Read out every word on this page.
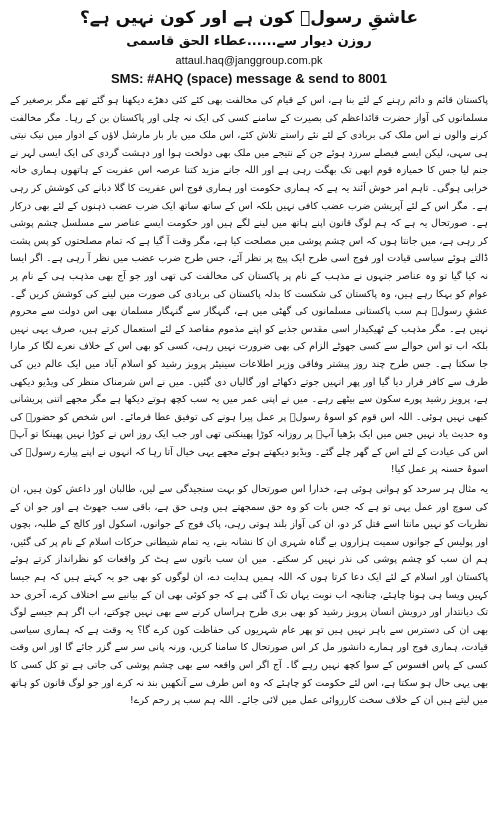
عاشقِ رسولؐ کون ہے اور کون نہیں ہے؟
روزن دیوار سے......عطاء الحق قاسمی
attaul.haq@janggroup.com.pk
SMS: #AHQ (space) message & send to 8001

پاکستان قائم و دائم رہنے کے لئے بنا ہے، اس کے قیام کی مخالفت بھی کئے کئی دھڑے دیکھنا ہو گئے تھے مگر برصغیر کے مسلمانوں کی آواز حضرت قائداعظم کی بصیرت کے سامنے کسی کی ایک نہ چلی اور پاکستان بن کے رہا۔ مگر مخالفت کرنے والوں نے اس ملک کی بربادی کے لئے نئے راستے تلاش کئے، اس ملک میں بار بار مارشل لاؤں کے ادوار میں نیک نیتی ہی سہی، لیکن ایسے فیصلے سرزد ہوئے جن کے نتیجے میں ملک بھی دولخت ہوا اور دہشت گردی کی ایک ایسی لہر نے جنم لیا جس کا خمیازہ قوم ابھی تک بھگت رہی ہے اور اللہ جانے مزید کتنا عرصہ اس عفریت کے ہاتھوں ہماری خانہ خرابی ہوگی۔ تاہم امر خوش آئند یہ ہے کہ ہماری حکومت اور ہماری فوج اس عفریت کا گلا دبانے کی کوشش کر رہی ہے۔ مگر اس کے لئے آپریشن ضرب عضب کافی نہیں بلکہ اس کے ساتھ ساتھ ایک ضرب عضب ذہنوں کے لئے بھی درکار ہے۔ صورتحال یہ ہے کہ ہم لوگ قانون اپنے ہاتھ میں لینے لگے ہیں اور حکومت ایسے عناصر سے مسلسل چشم پوشی کر رہی ہے، میں جانتا ہوں کہ اس چشم پوشی میں مصلحت کیا ہے، مگر وقت آ گیا ہے کہ تمام مصلحتوں کو پس پشت ڈالتے ہوئے سیاسی قیادت اور فوج اسی طرح ایک پیج پر نظر آئے، جس طرح ضرب عضب میں نظر آ رہی ہے۔ اگر ایسا نہ کیا گیا تو وہ عناصر جنہوں نے مذہب کے نام پر پاکستان کی مخالفت کی تھی اور جو آج بھی مذہب ہی کے نام پر عوام کو بہکا رہے ہیں، وہ پاکستان کی شکست کا بدلہ پاکستان کی بربادی کی صورت میں لینے کی کوشش کریں گے۔ عشقِ رسولؐ ہم سب پاکستانی مسلمانوں کی گھٹی میں ہے، گنہگار سے گنہگار مسلمان بھی اس دولت سے محروم نہیں ہے۔ مگر مذہب کے ٹھیکیدار اسی مقدس جذبے کو اپنے مذموم مقاصد کے لئے استعمال کرتے ہیں، صرف یہی نہیں بلکہ اب تو اس حوالے سے کسی جھوٹے الزام کی بھی ضرورت نہیں رہی، کسی کو بھی اس کے خلاف نعرے لگا کر مارا جا سکتا ہے۔ جس طرح چند روز پیشتر وفاقی وزیر اطلاعات سینیٹر پرویز رشید کو اسلام آباد میں ایک عالم دین کی طرف سے کافر قرار دیا گیا اور پھر انہیں جوتے دکھائے اور گالیاں دی گئیں۔ میں نے اس شرمناک منظر کی ویڈیو دیکھی ہے، پرویز رشید پورے سکون سے بیٹھے رہے۔ میں نے اپنی عمر میں یہ سب کچھ ہوتے دیکھا ہے مگر مجھے اتنی پریشانی کبھی نہیں ہوئی۔ اللہ اس قوم کو اسوۂ رسولؐ پر عمل پیرا ہونے کی توفیق عطا فرمائے۔ اس شخص کو حضورؐ کی وہ حدیث یاد نہیں جس میں ایک بڑھیا آپؐ پر روزانہ کوڑا پھینکتی تھی اور جب ایک روز اس نے کوڑا نہیں پھینکا تو آپؐ اس کی عیادت کے لئے اس کے گھر چلے گئے۔ ویڈیو دیکھتے ہوئے مجھے یہی خیال آتا رہا کہ انہوں نے اپنے پیارے رسولؐ کی اسوۂ حسنہ پر عمل کیا!

یہ مثال ہر سرحد کو ہوانی ہوئی ہے، خدارا اس صورتحال کو بہت سنجیدگی سے لیں، طالبان اور داعش کون ہیں، ان کی سوچ اور عمل یہی تو ہے کہ جس بات کو وہ حق سمجھتے ہیں وہی حق ہے، باقی سب جھوٹ ہے اور جو ان کے نظریات کو نہیں مانتا اسے قتل کر دو، ان کی آواز بلند ہوتی رہی، پاک فوج کے جوانوں، اسکول اور کالج کے طلبہ، بچوں اور پولیس کے جوانوں سمیت ہزاروں بے گناہ شہری ان کا نشانہ بنے، یہ تمام شیطانی حرکات اسلام کے نام پر کی گئیں، ہم ان سب کو چشم پوشی کی نذر نہیں کر سکتے۔ میں ان سب باتوں سے ہٹ کر واقعات کو نظرانداز کرتے ہوئے پاکستان اور اسلام کے لئے ایک دعا کرتا ہوں کہ اللہ ہمیں ہدایت دے، ان لوگوں کو بھی جو یہ کہتے ہیں کہ ہم جیسا کہیں ویسا ہی ہونا چاہئے، چنانچہ اب نوبت یہاں تک آ گئی ہے کہ جو کوئی بھی ان کے بیانیے سے اختلاف کرے، آخری حد تک دیانتدار اور درویش انسان پرویز رشید کو بھی بری طرح ہراساں کرنے سے بھی نہیں چوکتے، اب اگر ہم جیسے لوگ بھی ان کی دسترس سے باہر نہیں ہیں تو پھر عام شہریوں کی حفاظت کون کرے گا؟ یہ وقت ہے کہ ہماری سیاسی قیادت، ہماری فوج اور ہمارے دانشور مل کر اس صورتحال کا سامنا کریں، ورنہ پانی سر سے گزر جائے گا اور اس وقت کسی کے پاس افسوس کے سوا کچھ نہیں رہے گا۔ آج اگر اس واقعہ سے بھی چشم پوشی کی جاتی ہے تو کل کسی کا بھی یہی حال ہو سکتا ہے، اس لئے حکومت کو چاہئے کہ وہ اس طرف سے آنکھیں بند نہ کرے اور جو لوگ قانون کو ہاتھ میں لیتے ہیں ان کے خلاف سخت کارروائی عمل میں لائی جائے۔ اللہ ہم سب پر رحم کرے!
